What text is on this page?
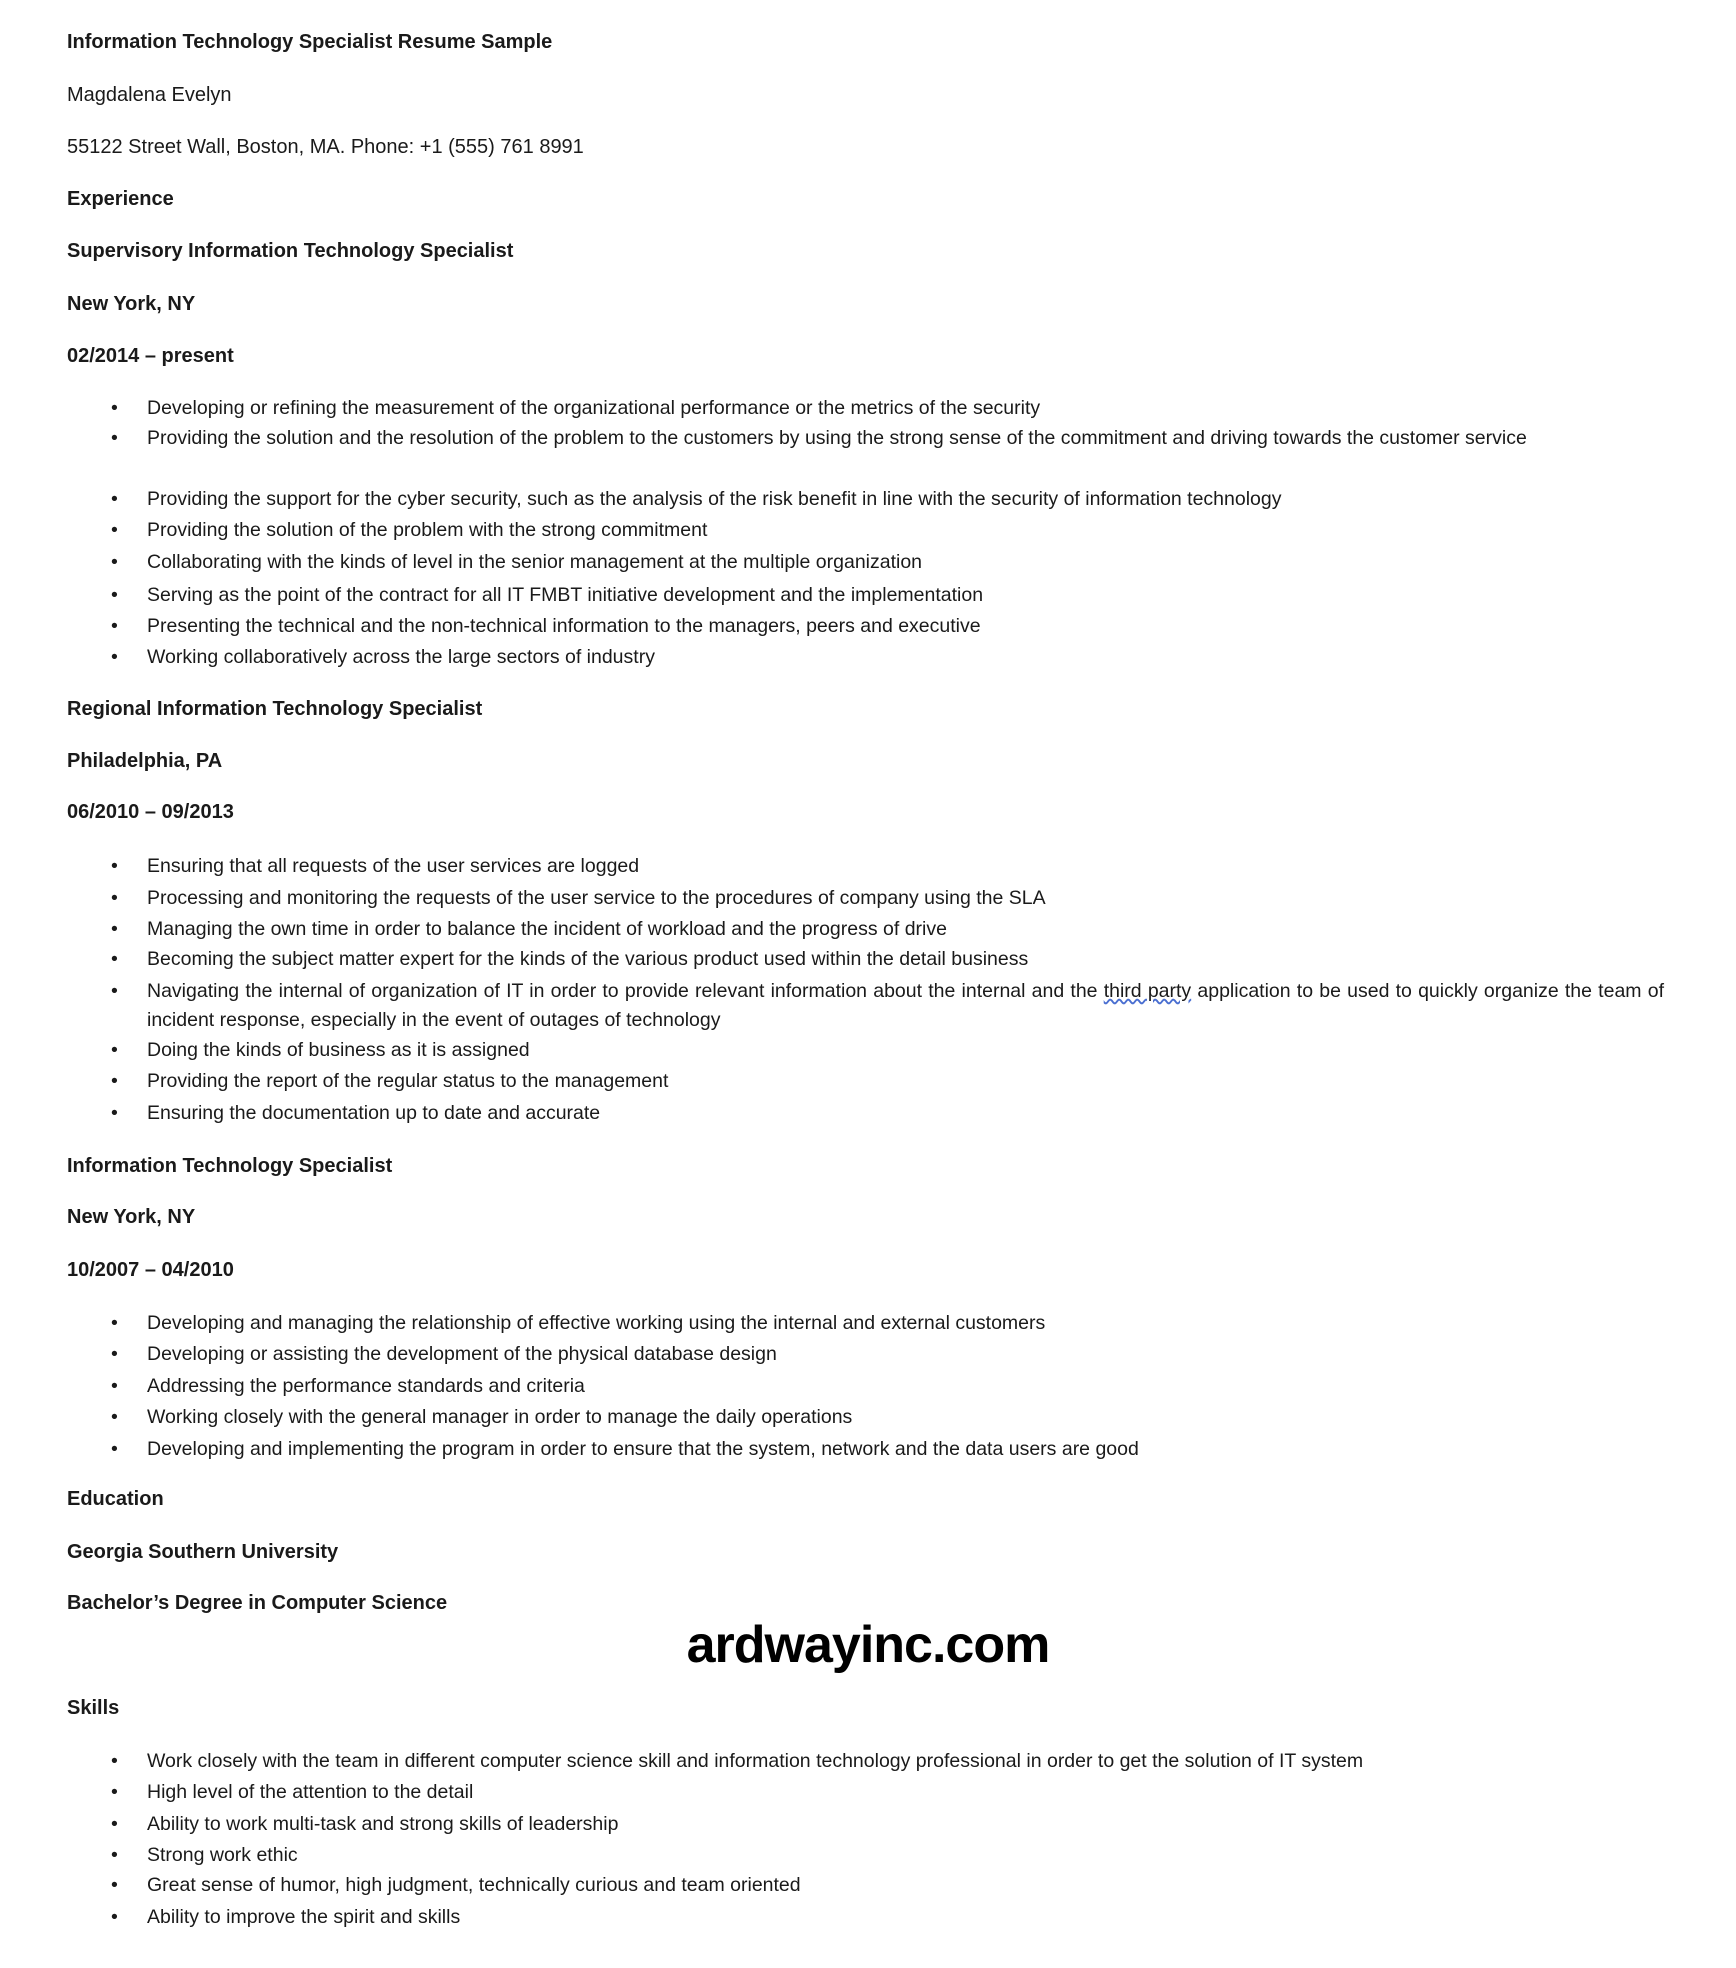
Information Technology Specialist Resume Sample
Magdalena Evelyn
55122 Street Wall, Boston, MA. Phone: +1 (555) 761 8991
Experience
Supervisory Information Technology Specialist
New York, NY
02/2014 – present
• Developing or refining the measurement of the organizational performance or the metrics of the security
• Providing the solution and the resolution of the problem to the customers by using the strong sense of the commitment and driving towards the customer service
• Providing the support for the cyber security, such as the analysis of the risk benefit in line with the security of information technology
• Providing the solution of the problem with the strong commitment
• Collaborating with the kinds of level in the senior management at the multiple organization
• Serving as the point of the contract for all IT FMBT initiative development and the implementation
• Presenting the technical and the non-technical information to the managers, peers and executive
• Working collaboratively across the large sectors of industry
Regional Information Technology Specialist
Philadelphia, PA
06/2010 – 09/2013
• Ensuring that all requests of the user services are logged
• Processing and monitoring the requests of the user service to the procedures of company using the SLA
• Managing the own time in order to balance the incident of workload and the progress of drive
• Becoming the subject matter expert for the kinds of the various product used within the detail business
• Navigating the internal of organization of IT in order to provide relevant information about the internal and the third party application to be used to quickly organize the team of incident response, especially in the event of outages of technology
• Doing the kinds of business as it is assigned
• Providing the report of the regular status to the management
• Ensuring the documentation up to date and accurate
Information Technology Specialist
New York, NY
10/2007 – 04/2010
• Developing and managing the relationship of effective working using the internal and external customers
• Developing or assisting the development of the physical database design
• Addressing the performance standards and criteria
• Working closely with the general manager in order to manage the daily operations
• Developing and implementing the program in order to ensure that the system, network and the data users are good
Education
Georgia Southern University
Bachelor’s Degree in Computer Science
ardwayinc.com
Skills
• Work closely with the team in different computer science skill and information technology professional in order to get the solution of IT system
• High level of the attention to the detail
• Ability to work multi-task and strong skills of leadership
• Strong work ethic
• Great sense of humor, high judgment, technically curious and team oriented
• Ability to improve the spirit and skills
